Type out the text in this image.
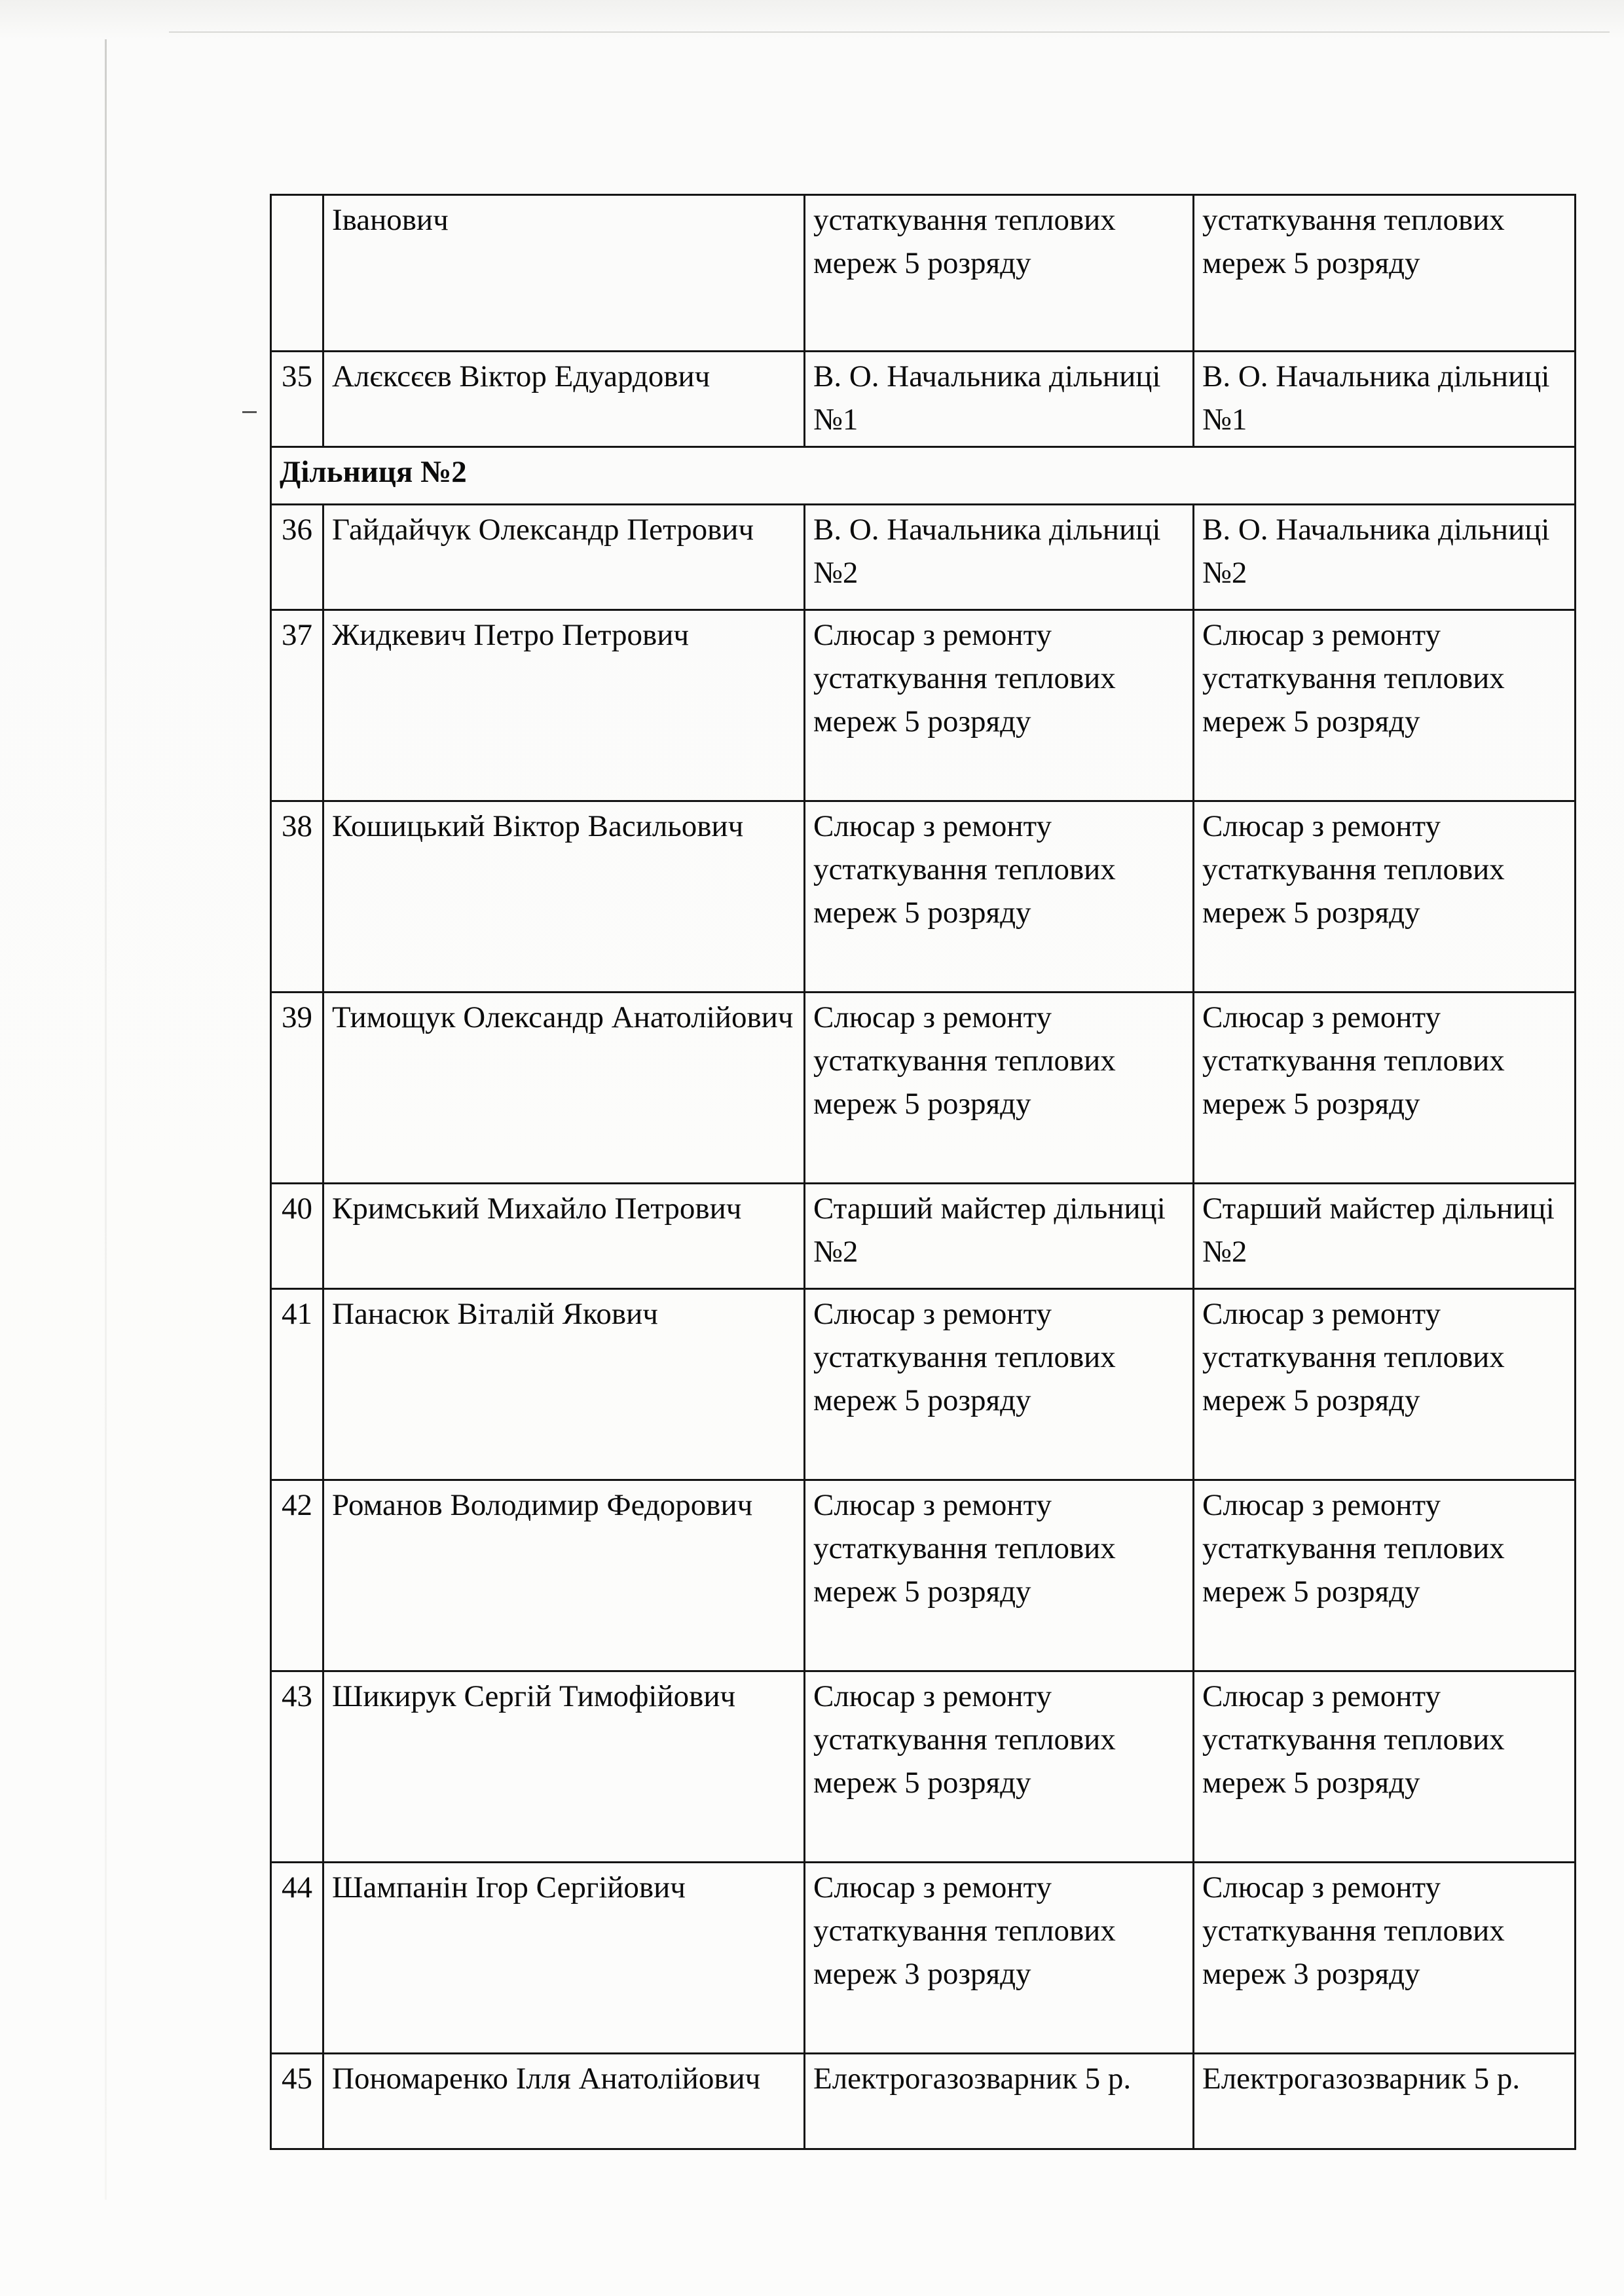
	Іванович	устаткування теплових мереж 5 розряду	устаткування теплових мереж 5 розряду
35	Алєксєєв Віктор Едуардович	В. О. Начальника дільниці №1	В. О. Начальника дільниці №1
Дільниця №2			
36	Гайдайчук Олександр Петрович	В. О. Начальника дільниці №2	В. О. Начальника дільниці №2
37	Жидкевич Петро Петрович	Слюсар з ремонту устаткування теплових мереж 5 розряду	Слюсар з ремонту устаткування теплових мереж 5 розряду
38	Кошицький Віктор Васильович	Слюсар з ремонту устаткування теплових мереж 5 розряду	Слюсар з ремонту устаткування теплових мереж 5 розряду
39	Тимощук Олександр Анатолійович	Слюсар з ремонту устаткування теплових мереж 5 розряду	Слюсар з ремонту устаткування теплових мереж 5 розряду
40	Кримський Михайло Петрович	Старший майстер дільниці №2	Старший майстер дільниці №2
41	Панасюк Віталій Якович	Слюсар з ремонту устаткування теплових мереж 5 розряду	Слюсар з ремонту устаткування теплових мереж 5 розряду
42	Романов Володимир Федорович	Слюсар з ремонту устаткування теплових мереж 5 розряду	Слюсар з ремонту устаткування теплових мереж 5 розряду
43	Шикирук Сергій Тимофійович	Слюсар з ремонту устаткування теплових мереж 5 розряду	Слюсар з ремонту устаткування теплових мереж 5 розряду
44	Шампанін Ігор Сергійович	Слюсар з ремонту устаткування теплових мереж 3 розряду	Слюсар з ремонту устаткування теплових мереж 3 розряду
45	Пономаренко Ілля Анатолійович	Електрогазозварник 5 р.	Електрогазозварник 5 р.
